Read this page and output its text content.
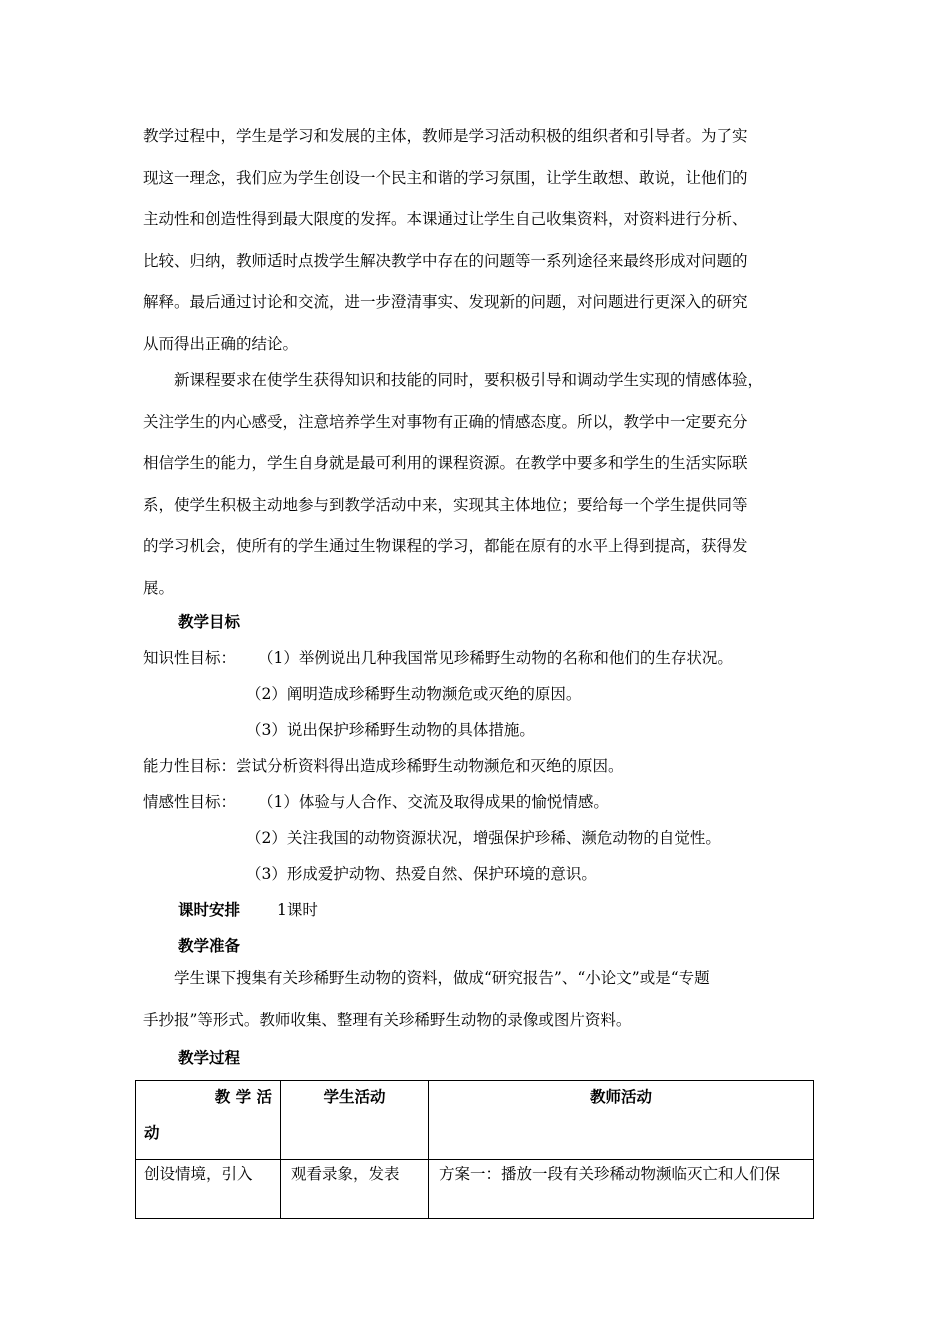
教学过程中，学生是学习和发展的主体，教师是学习活动积极的组织者和引导者。为了实
现这一理念，我们应为学生创设一个民主和谐的学习氛围，让学生敢想、敢说，让他们的
主动性和创造性得到最大限度的发挥。本课通过让学生自己收集资料，对资料进行分析、
比较、归纳，教师适时点拨学生解决教学中存在的问题等一系列途径来最终形成对问题的
解释。最后通过讨论和交流，进一步澄清事实、发现新的问题，对问题进行更深入的研究
从而得出正确的结论。
　　新课程要求在使学生获得知识和技能的同时，要积极引导和调动学生实现的情感体验，
关注学生的内心感受，注意培养学生对事物有正确的情感态度。所以，教学中一定要充分
相信学生的能力，学生自身就是最可利用的课程资源。在教学中要多和学生的生活实际联
系，使学生积极主动地参与到教学活动中来，实现其主体地位；要给每一个学生提供同等
的学习机会，使所有的学生通过生物课程的学习，都能在原有的水平上得到提高，获得发
展。
教学目标
知识性目标： （1）举例说出几种我国常见珍稀野生动物的名称和他们的生存状况。
（2）阐明造成珍稀野生动物濒危或灭绝的原因。
（3）说出保护珍稀野生动物的具体措施。
能力性目标：尝试分析资料得出造成珍稀野生动物濒危和灭绝的原因。
情感性目标： （1）体验与人合作、交流及取得成果的愉悦情感。
（2）关注我国的动物资源状况，增强保护珍稀、濒危动物的自觉性。
（3）形成爱护动物、热爱自然、保护环境的意识。
课时安排 1课时
教学准备
　　学生课下搜集有关珍稀野生动物的资料，做成“研究报告”、“小论文”或是“专题
手抄报”等形式。教师收集、整理有关珍稀野生动物的录像或图片资料。
教学过程
教 学 活
动	学生活动	教师活动

创设情境，引入	观看录象，发表	方案一：播放一段有关珍稀动物濒临灭亡和人们保
